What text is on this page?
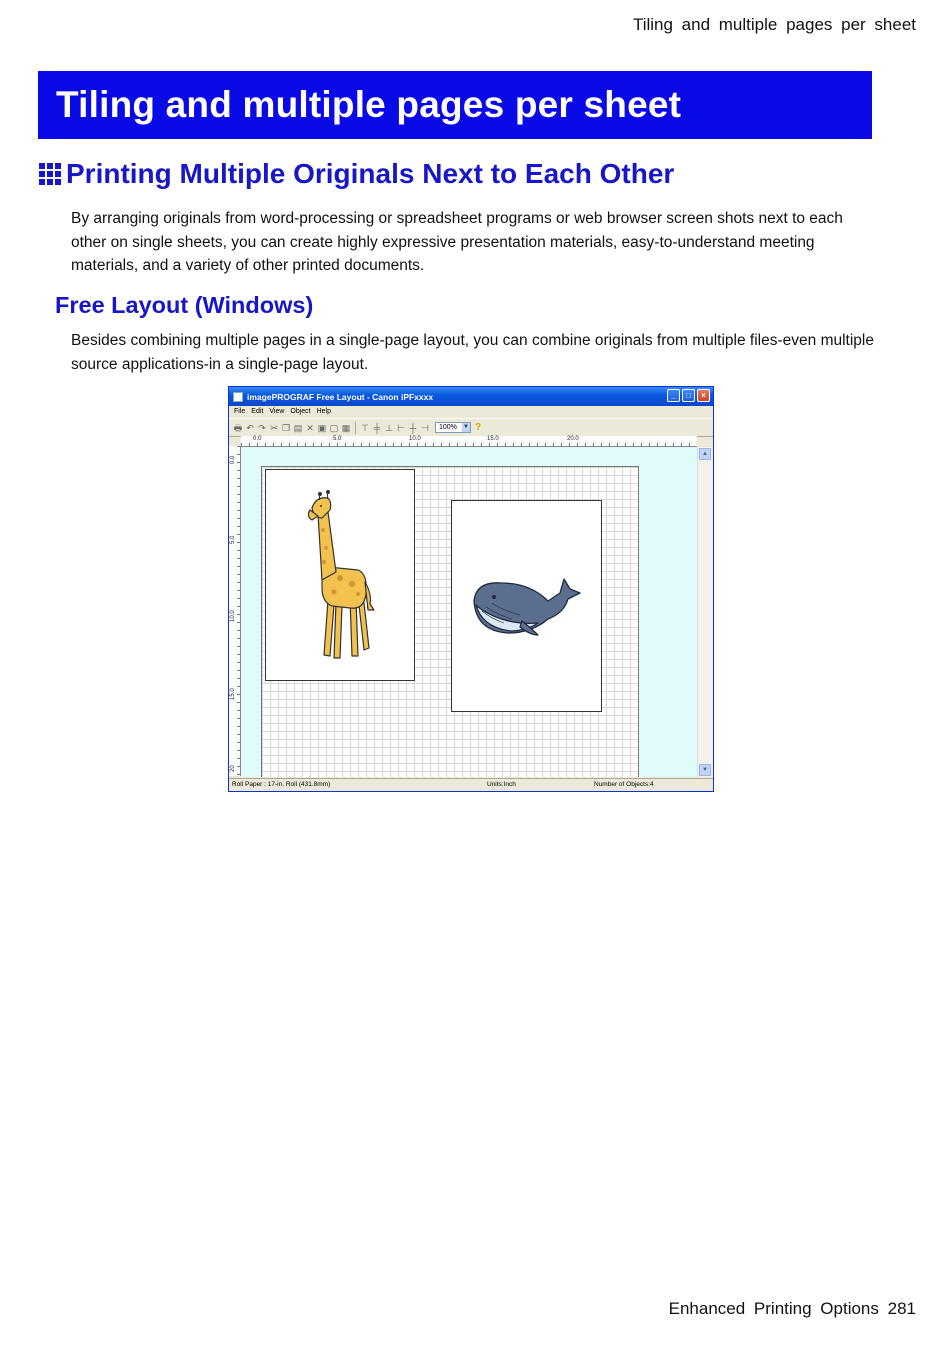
Tiling and multiple pages per sheet
Tiling and multiple pages per sheet
Printing Multiple Originals Next to Each Other

By arranging originals from word-processing or spreadsheet programs or web browser screen shots next to each other on single sheets, you can create highly expressive presentation materials, easy-to-understand meeting materials, and a variety of other printed documents.

Free Layout (Windows)

Besides combining multiple pages in a single-page layout, you can combine originals from multiple files-even multiple source applications-in a single-page layout.

imagePROGRAF Free Layout - Canon iPFxxxx	_	□	×
File Edit View Object Help
🖶 ↶ ↷ ✂ ❐ ▤ ✕ ▣ ▢ ▦ ⊤ ╪ ⊥ ⊢ ┼ ⊣	100% ▼ ?
0.0	5.0	10.0	15.0	20.0
0.0
5.0
10.0
15.0
20
▲
▼
Roll Paper : 17-in. Roll (431.8mm)	Units:Inch	Number of Objects:4
Enhanced Printing Options 281
